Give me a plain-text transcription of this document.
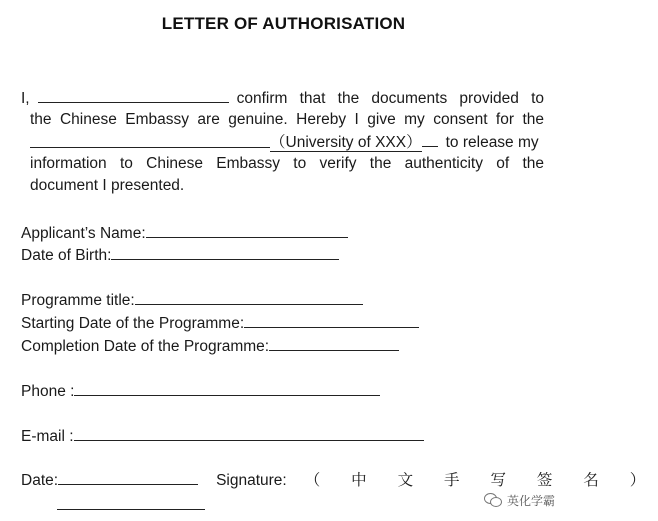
LETTER OF AUTHORISATION
I,	confirm that the documents provided to
the Chinese Embassy are genuine. Hereby I give my consent for the
（University of XXX） to release my
information to Chinese Embassy to verify the authenticity of the
document I presented.
Applicant’s Name:
Date of Birth:
Programme title:
Starting Date of the Programme:
Completion Date of the Programme:
Phone :
E-mail :
Date:	Signature: （ 中 文 手 写 签 名 ）
英化学霸
